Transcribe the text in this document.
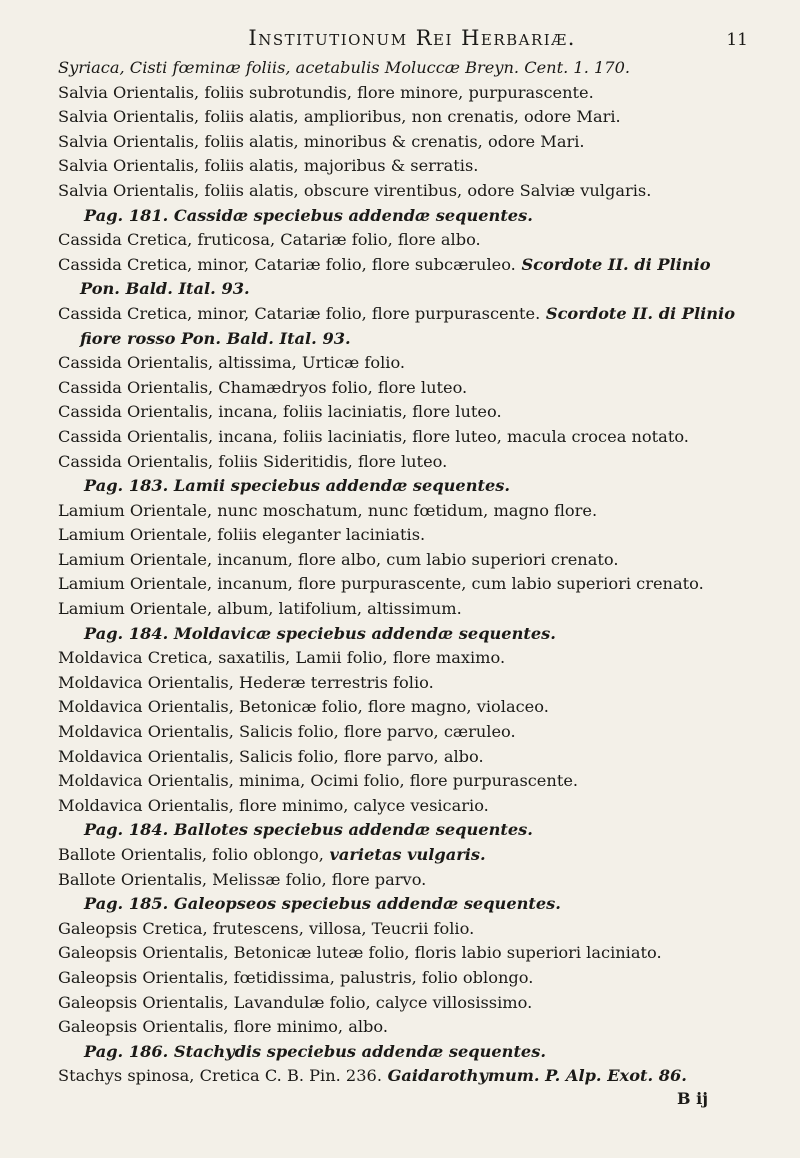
Institutionum Rei Herbariæ.	11
Syriaca, Cisti fœminæ foliis, acetabulis Moluccæ Breyn. Cent. 1. 170.
Salvia Orientalis, foliis subrotundis, flore minore, purpurascente.
Salvia Orientalis, foliis alatis, amplioribus, non crenatis, odore Mari.
Salvia Orientalis, foliis alatis, minoribus & crenatis, odore Mari.
Salvia Orientalis, foliis alatis, majoribus & serratis.
Salvia Orientalis, foliis alatis, obscure virentibus, odore Salviæ vulgaris.
Pag. 181. Cassidæ speciebus addendæ sequentes.
Cassida Cretica, fruticosa, Catariæ folio, flore albo.
Cassida Cretica, minor, Catariæ folio, flore subcæruleo. Scordote II. di Plinio Pon. Bald. Ital. 93.
Cassida Cretica, minor, Catariæ folio, flore purpurascente. Scordote II. di Plinio fiore rosso Pon. Bald. Ital. 93.
Cassida Orientalis, altissima, Urticæ folio.
Cassida Orientalis, Chamædryos folio, flore luteo.
Cassida Orientalis, incana, foliis laciniatis, flore luteo.
Cassida Orientalis, incana, foliis laciniatis, flore luteo, macula crocea notato.
Cassida Orientalis, foliis Sideritidis, flore luteo.
Pag. 183. Lamii speciebus addendæ sequentes.
Lamium Orientale, nunc moschatum, nunc fœtidum, magno flore.
Lamium Orientale, foliis eleganter laciniatis.
Lamium Orientale, incanum, flore albo, cum labio superiori crenato.
Lamium Orientale, incanum, flore purpurascente, cum labio superiori crenato.
Lamium Orientale, album, latifolium, altissimum.
Pag. 184. Moldavicæ speciebus addendæ sequentes.
Moldavica Cretica, saxatilis, Lamii folio, flore maximo.
Moldavica Orientalis, Hederæ terrestris folio.
Moldavica Orientalis, Betonicæ folio, flore magno, violaceo.
Moldavica Orientalis, Salicis folio, flore parvo, cæruleo.
Moldavica Orientalis, Salicis folio, flore parvo, albo.
Moldavica Orientalis, minima, Ocimi folio, flore purpurascente.
Moldavica Orientalis, flore minimo, calyce vesicario.
Pag. 184. Ballotes speciebus addendæ sequentes.
Ballote Orientalis, folio oblongo, varietas vulgaris.
Ballote Orientalis, Melissæ folio, flore parvo.
Pag. 185. Galeopseos speciebus addendæ sequentes.
Galeopsis Cretica, frutescens, villosa, Teucrii folio.
Galeopsis Orientalis, Betonicæ luteæ folio, floris labio superiori laciniato.
Galeopsis Orientalis, fœtidissima, palustris, folio oblongo.
Galeopsis Orientalis, Lavandulæ folio, calyce villosissimo.
Galeopsis Orientalis, flore minimo, albo.
Pag. 186. Stachydis speciebus addendæ sequentes.
Stachys spinosa, Cretica C. B. Pin. 236. Gaidarothymum. P. Alp. Exot. 86.
B ij
